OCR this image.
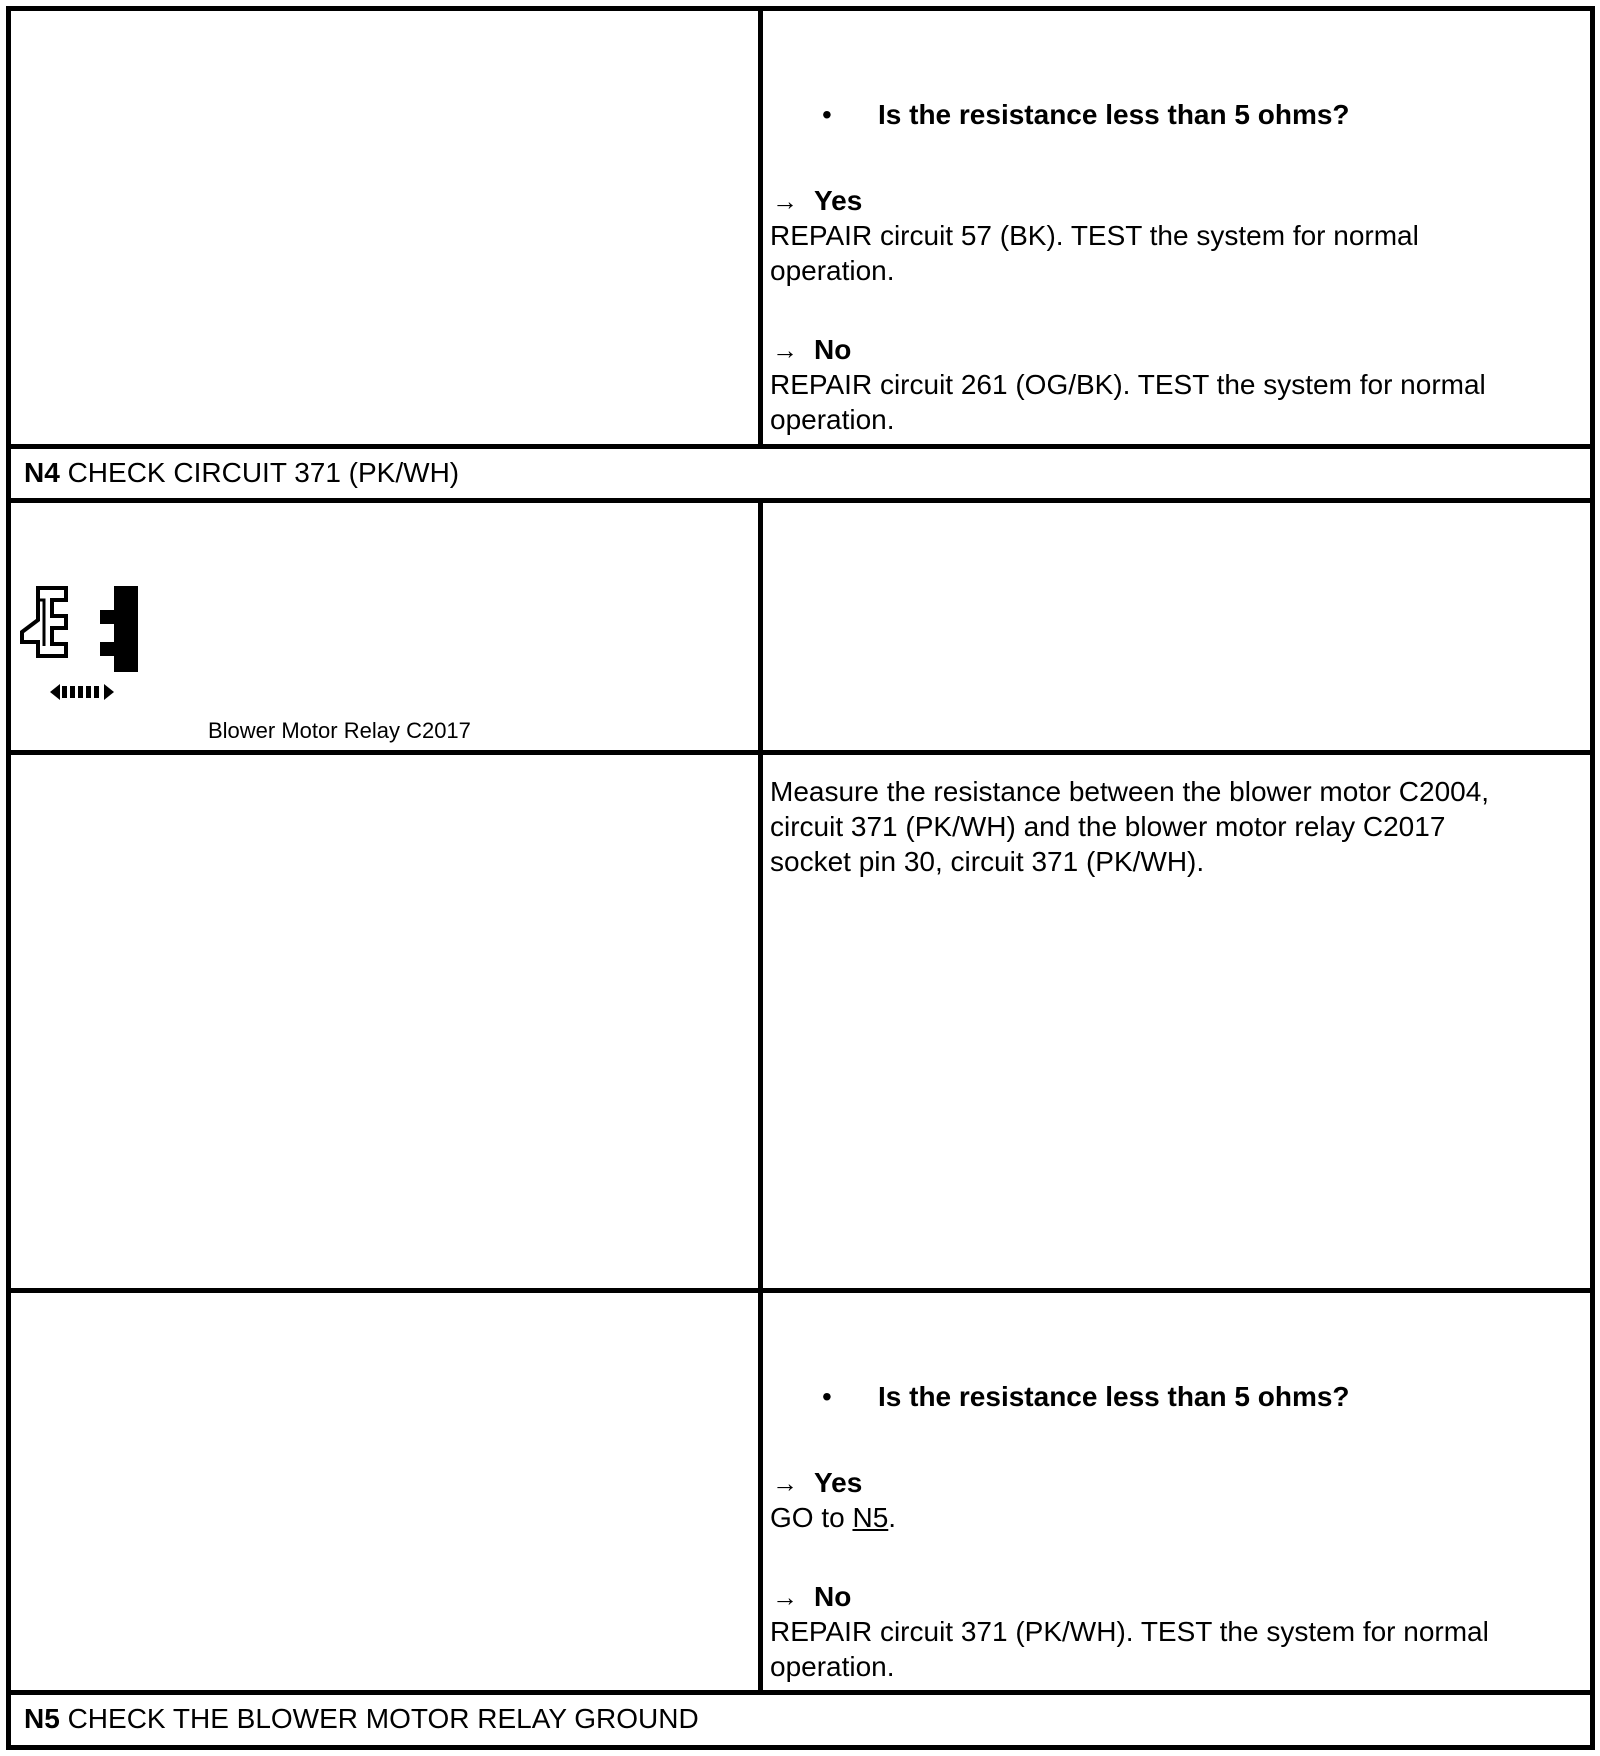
• Is the resistance less than 5 ohms?
→ Yes
REPAIR circuit 57 (BK). TEST the system for normal
operation.
→ No
REPAIR circuit 261 (OG/BK). TEST the system for normal
operation.
N4 CHECK CIRCUIT 371 (PK/WH)
Blower Motor Relay C2017
Measure the resistance between the blower motor C2004,
circuit 371 (PK/WH) and the blower motor relay C2017
socket pin 30, circuit 371 (PK/WH).
• Is the resistance less than 5 ohms?
→ Yes
GO to N5.
→ No
REPAIR circuit 371 (PK/WH). TEST the system for normal
operation.
N5 CHECK THE BLOWER MOTOR RELAY GROUND
